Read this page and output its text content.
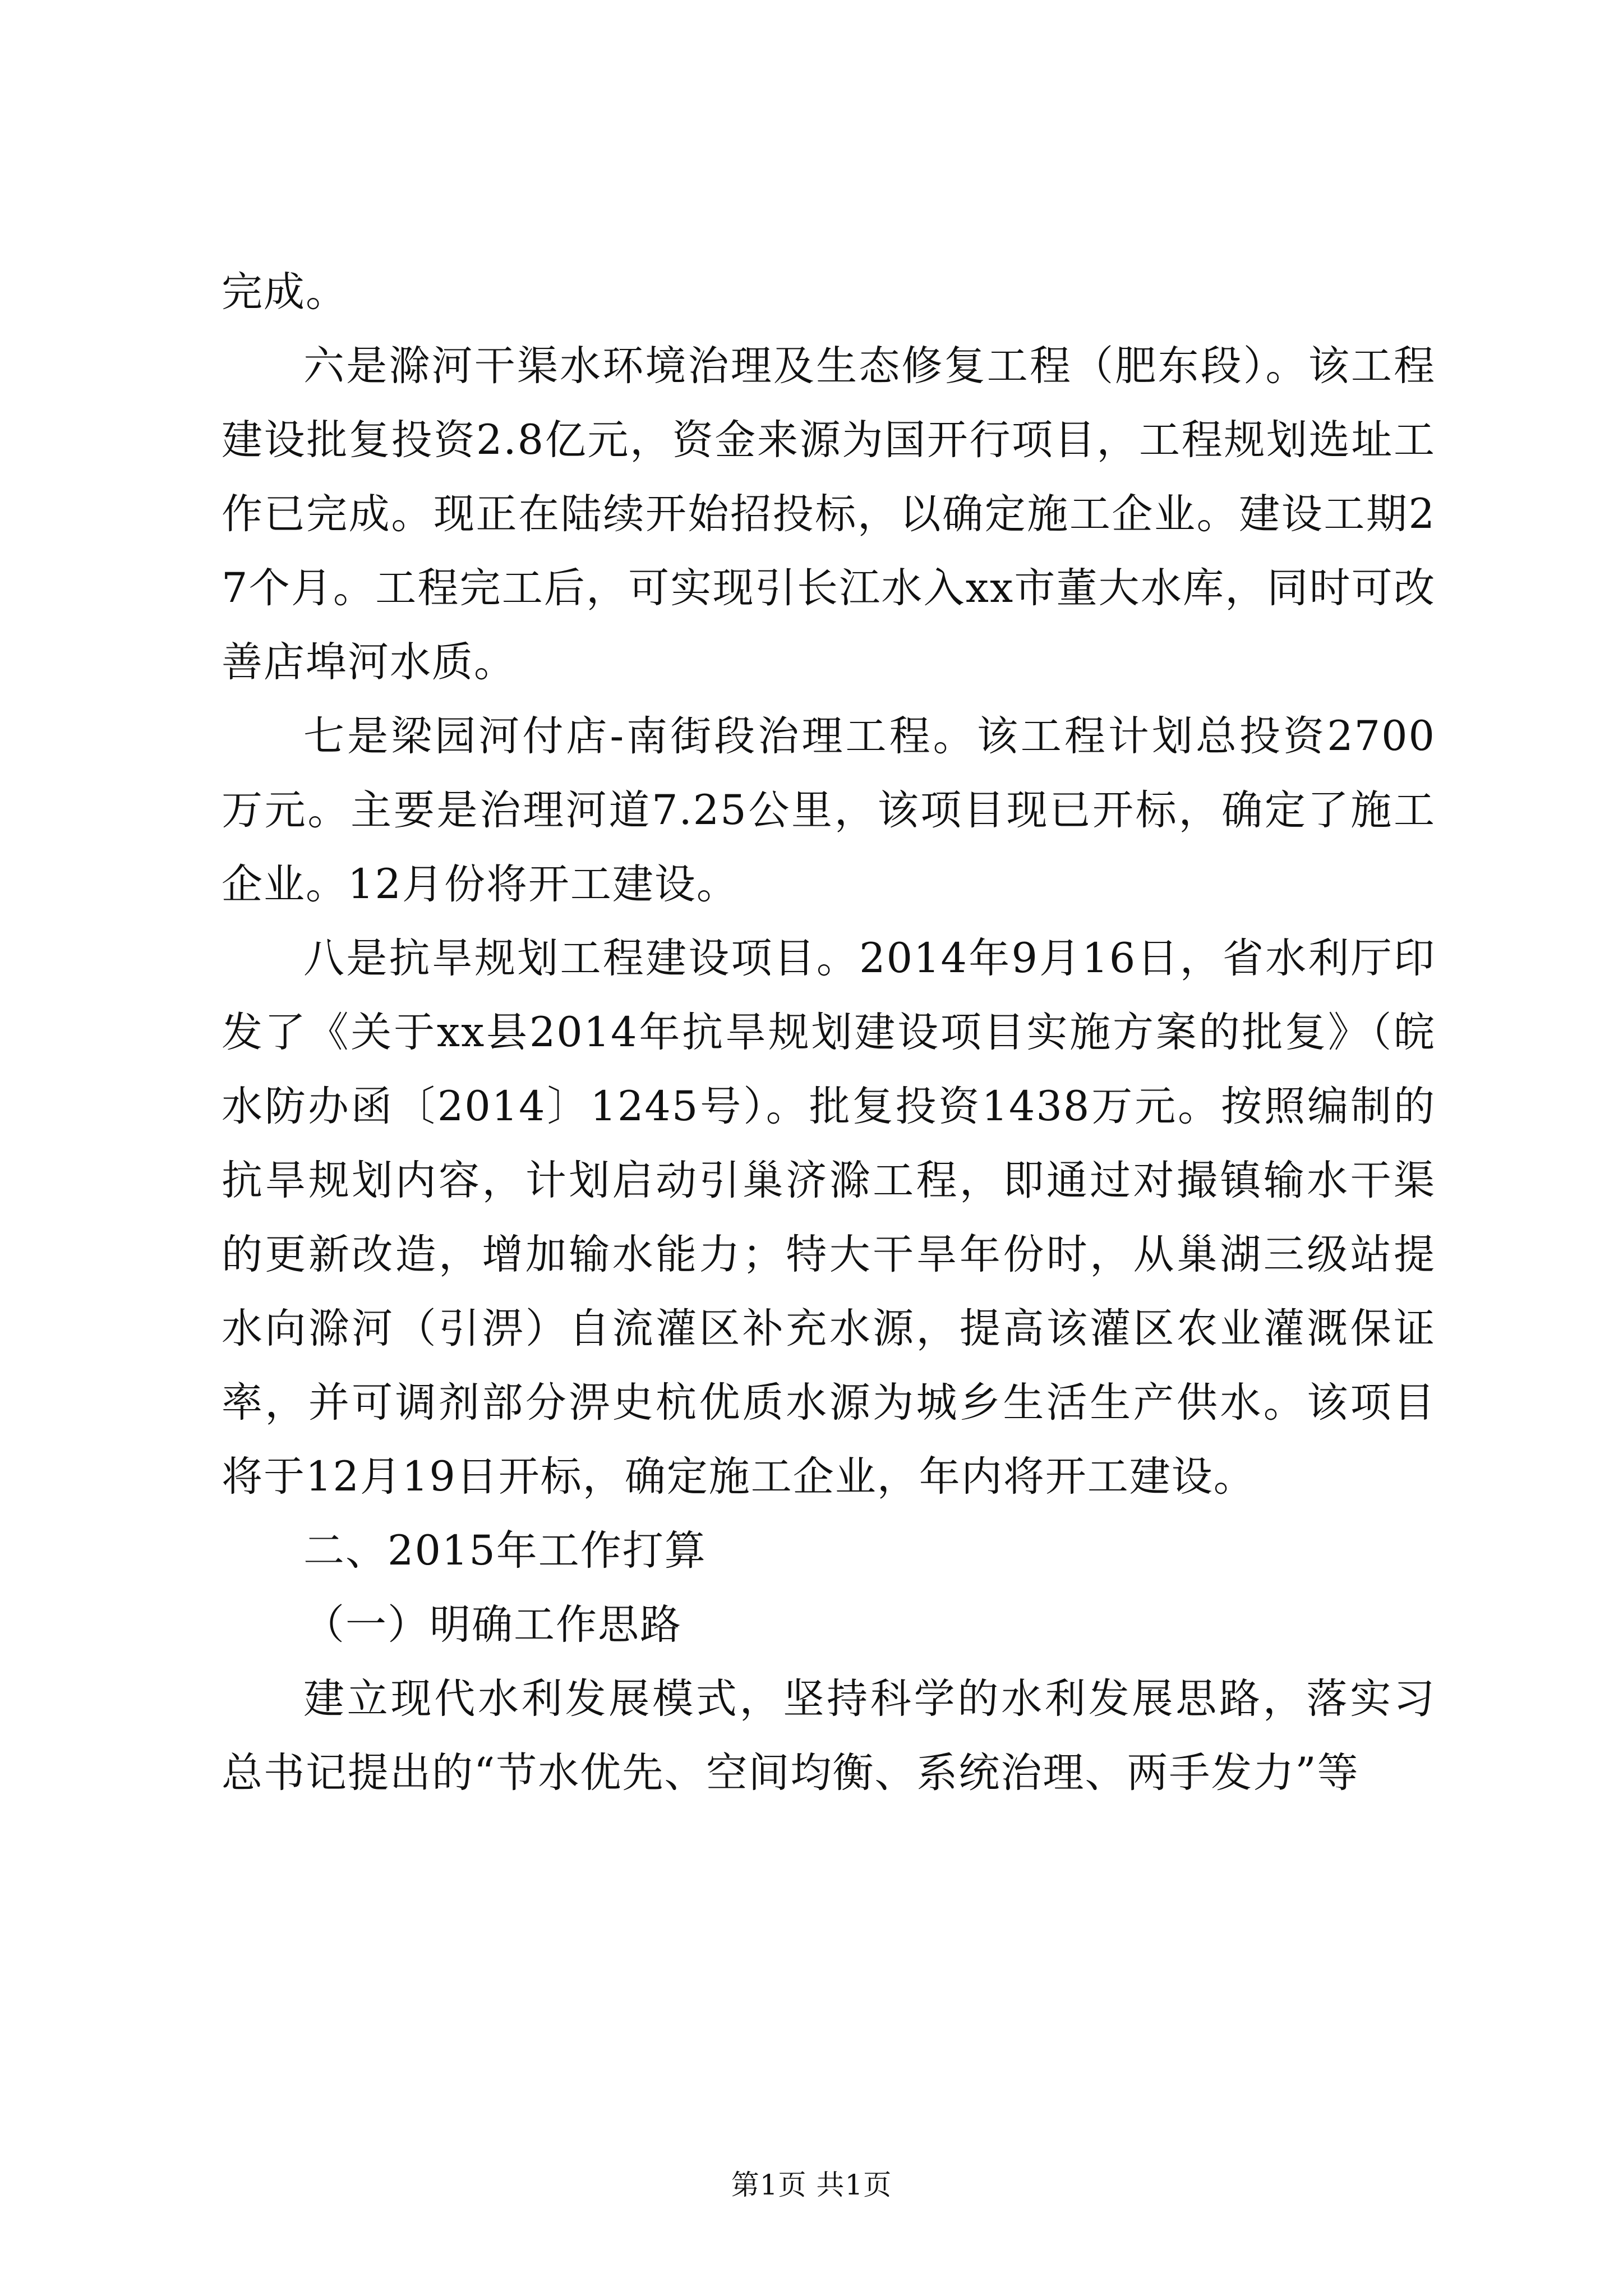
完成。

六是滁河干渠水环境治理及生态修复工程（肥东段）。该工程建设批复投资2.8亿元，资金来源为国开行项目，工程规划选址工作已完成。现正在陆续开始招投标，以确定施工企业。建设工期27个月。工程完工后，可实现引长江水入xx市董大水库，同时可改善店埠河水质。

七是梁园河付店-南街段治理工程。该工程计划总投资2700万元。主要是治理河道7.25公里，该项目现已开标，确定了施工企业。12月份将开工建设。

八是抗旱规划工程建设项目。2014年9月16日，省水利厅印发了《关于xx县2014年抗旱规划建设项目实施方案的批复》（皖水防办函〔2014〕1245号）。批复投资1438万元。按照编制的抗旱规划内容，计划启动引巢济滁工程，即通过对撮镇输水干渠的更新改造，增加输水能力；特大干旱年份时，从巢湖三级站提水向滁河（引淠）自流灌区补充水源，提高该灌区农业灌溉保证率，并可调剂部分淠史杭优质水源为城乡生活生产供水。该项目将于12月19日开标，确定施工企业，年内将开工建设。

二、2015年工作打算

（一）明确工作思路

建立现代水利发展模式，坚持科学的水利发展思路，落实习总书记提出的“节水优先、空间均衡、系统治理、两手发力”等

第1页 共1页
